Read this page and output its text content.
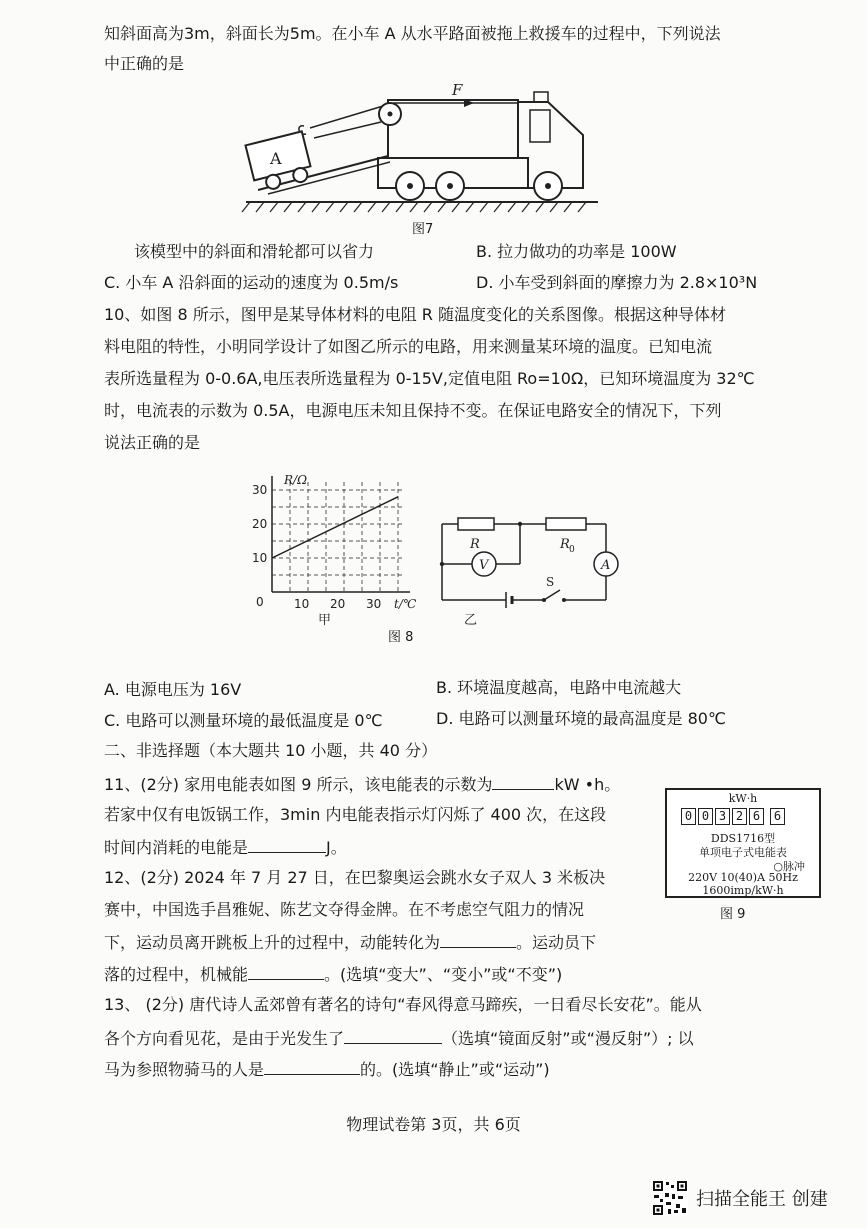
知斜面高为3m，斜面长为5m。在小车 A 从水平路面被拖上救援车的过程中，下列说法
中正确的是
F
A
图7
该模型中的斜面和滑轮都可以省力	B. 拉力做功的功率是 100W
C. 小车 A 沿斜面的运动的速度为 0.5m/s	D. 小车受到斜面的摩擦力为 2.8×10³N
10、如图 8 所示，图甲是某导体材料的电阻 R 随温度变化的关系图像。根据这种导体材
料电阻的特性，小明同学设计了如图乙所示的电路，用来测量某环境的温度。已知电流
表所选量程为 0-0.6A,电压表所选量程为 0-15V,定值电阻 Ro=10Ω，已知环境温度为 32℃
时，电流表的示数为 0.5A，电源电压未知且保持不变。在保证电路安全的情况下，下列
说法正确的是
R/Ω
t/℃
30
20
10
0	10 20 30
甲
R	R 0
V	A
S
乙
图 8
A. 电源电压为 16V	B. 环境温度越高，电路中电流越大
C. 电路可以测量环境的最低温度是 0℃	D. 电路可以测量环境的最高温度是 80℃
二、非选择题（本大题共 10 小题，共 40 分）
11、(2分) 家用电能表如图 9 所示，该电能表的示数为	kW •h。
若家中仅有电饭锅工作，3min 内电能表指示灯闪烁了 400 次，在这段
时间内消耗的电能是	J。
kW·h
0 0 3 2 6	6
DDS1716型
单项电子式电能表
○脉冲
220V 10(40)A 50Hz
1600imp/kW·h
图 9
12、(2分) 2024 年 7 月 27 日，在巴黎奥运会跳水女子双人 3 米板决
赛中，中国选手昌雅妮、陈艺文夺得金牌。在不考虑空气阻力的情况
下，运动员离开跳板上升的过程中，动能转化为	。运动员下
落的过程中，机械能	。(选填“变大”、“变小”或“不变”)
13、 (2分) 唐代诗人孟郊曾有著名的诗句“春风得意马蹄疾，一日看尽长安花”。能从
各个方向看见花，是由于光发生了	（选填“镜面反射”或“漫反射”）; 以
马为参照物骑马的人是	的。(选填“静止”或“运动”)
物理试卷第 3页，共 6页
扫描全能王 创建
